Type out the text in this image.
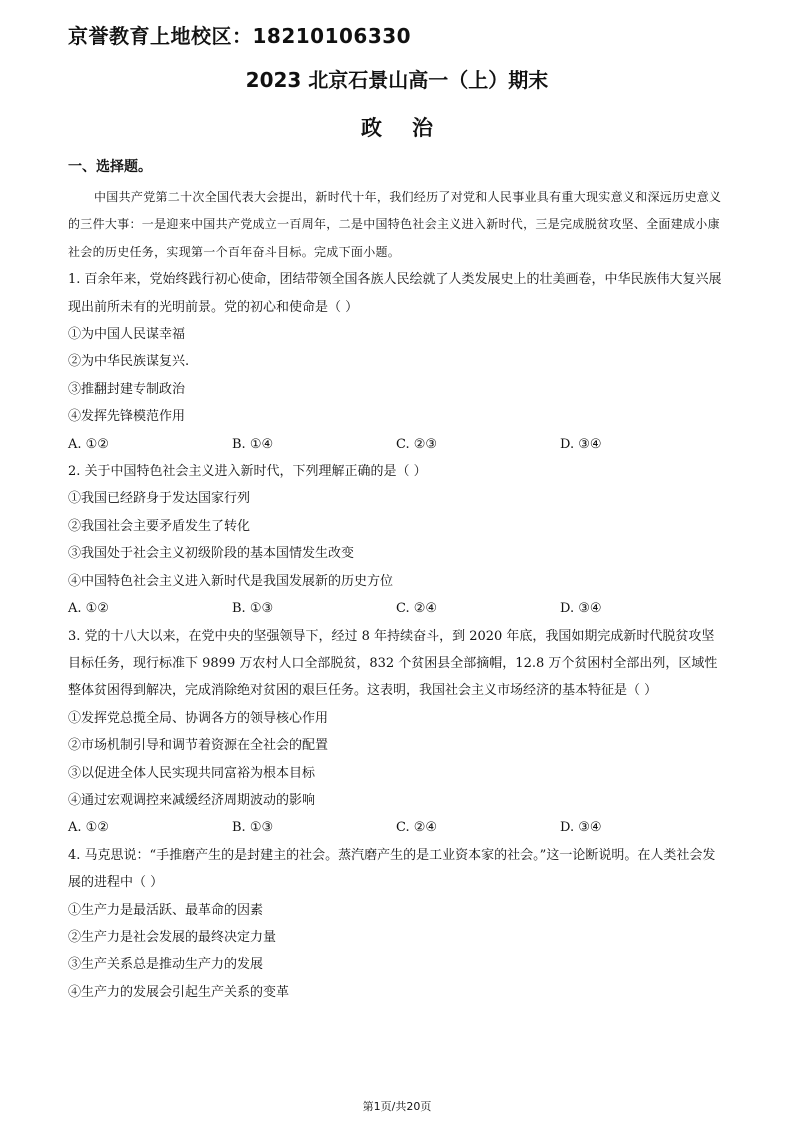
京誉教育上地校区：18210106330
2023 北京石景山高一（上）期末
政治
一、选择题。

中国共产党第二十次全国代表大会提出，新时代十年，我们经历了对党和人民事业具有重大现实意义和深远历史意义的三件大事：一是迎来中国共产党成立一百周年，二是中国特色社会主义进入新时代，三是完成脱贫攻坚、全面建成小康社会的历史任务，实现第一个百年奋斗目标。完成下面小题。

1. 百余年来，党始终践行初心使命，团结带领全国各族人民绘就了人类发展史上的壮美画卷，中华民族伟大复兴展现出前所未有的光明前景。党的初心和使命是（ ）

①为中国人民谋幸福

②为中华民族谋复兴.

③推翻封建专制政治

④发挥先锋模范作用

A. ①②	B. ①④	C. ②③	D. ③④

2. 关于中国特色社会主义进入新时代，下列理解正确的是（ ）

①我国已经跻身于发达国家行列

②我国社会主要矛盾发生了转化

③我国处于社会主义初级阶段的基本国情发生改变

④中国特色社会主义进入新时代是我国发展新的历史方位

A. ①②	B. ①③	C. ②④	D. ③④

3. 党的十八大以来，在党中央的坚强领导下，经过 8 年持续奋斗，到 2020 年底，我国如期完成新时代脱贫攻坚目标任务，现行标准下 9899 万农村人口全部脱贫，832 个贫困县全部摘帽，12.8 万个贫困村全部出列，区域性整体贫困得到解决，完成消除绝对贫困的艰巨任务。这表明，我国社会主义市场经济的基本特征是（ ）

①发挥党总揽全局、协调各方的领导核心作用

②市场机制引导和调节着资源在全社会的配置

③以促进全体人民实现共同富裕为根本目标

④通过宏观调控来减缓经济周期波动的影响

A. ①②	B. ①③	C. ②④	D. ③④

4. 马克思说：“手推磨产生的是封建主的社会。蒸汽磨产生的是工业资本家的社会。”这一论断说明。在人类社会发展的进程中（ ）

①生产力是最活跃、最革命的因素

②生产力是社会发展的最终决定力量

③生产关系总是推动生产力的发展

④生产力的发展会引起生产关系的变革

第1页/共20页
